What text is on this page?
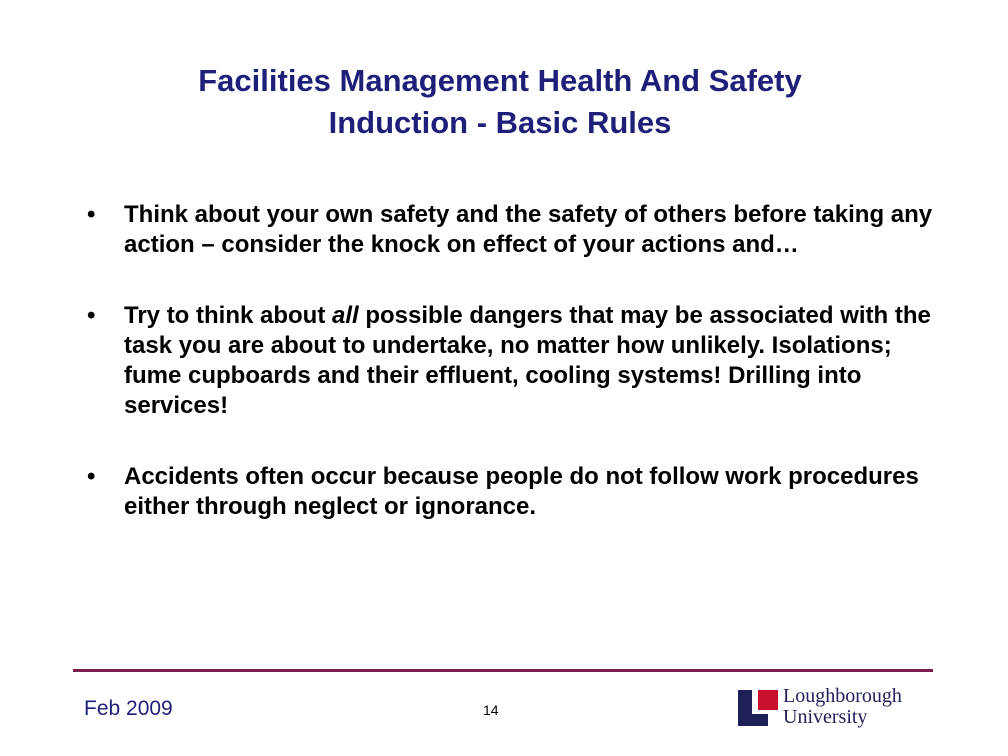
Facilities Management Health And Safety
Induction - Basic Rules
• Think about your own safety and the safety of others before taking any action – consider the knock on effect of your actions and…
• Try to think about all possible dangers that may be associated with the task you are about to undertake, no matter how unlikely. Isolations; fume cupboards and their effluent, cooling systems! Drilling into services!
• Accidents often occur because people do not follow work procedures either through neglect or ignorance.
Feb 2009	14
Loughborough
University
